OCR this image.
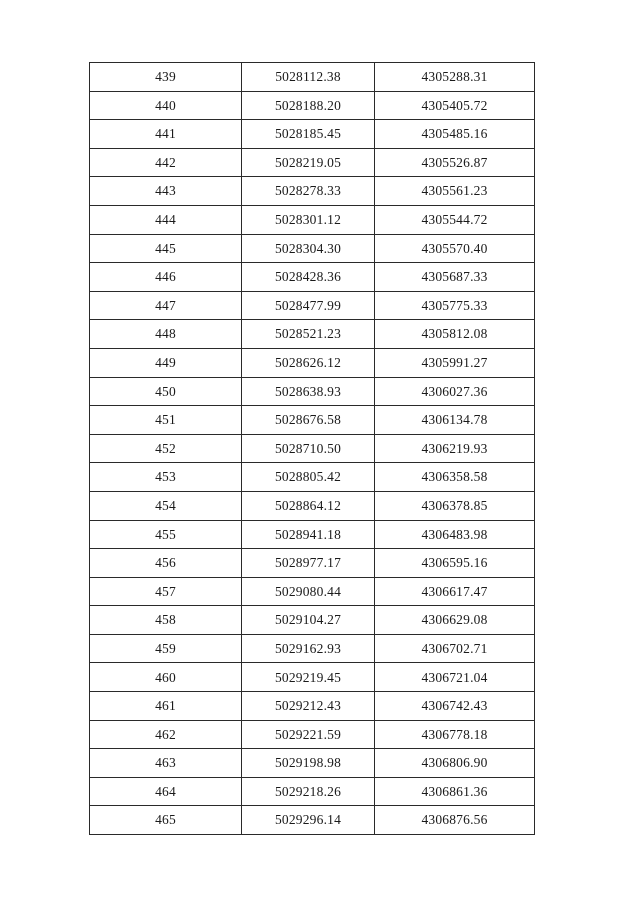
439	5028112.38	4305288.31
440	5028188.20	4305405.72
441	5028185.45	4305485.16
442	5028219.05	4305526.87
443	5028278.33	4305561.23
444	5028301.12	4305544.72
445	5028304.30	4305570.40
446	5028428.36	4305687.33
447	5028477.99	4305775.33
448	5028521.23	4305812.08
449	5028626.12	4305991.27
450	5028638.93	4306027.36
451	5028676.58	4306134.78
452	5028710.50	4306219.93
453	5028805.42	4306358.58
454	5028864.12	4306378.85
455	5028941.18	4306483.98
456	5028977.17	4306595.16
457	5029080.44	4306617.47
458	5029104.27	4306629.08
459	5029162.93	4306702.71
460	5029219.45	4306721.04
461	5029212.43	4306742.43
462	5029221.59	4306778.18
463	5029198.98	4306806.90
464	5029218.26	4306861.36
465	5029296.14	4306876.56
